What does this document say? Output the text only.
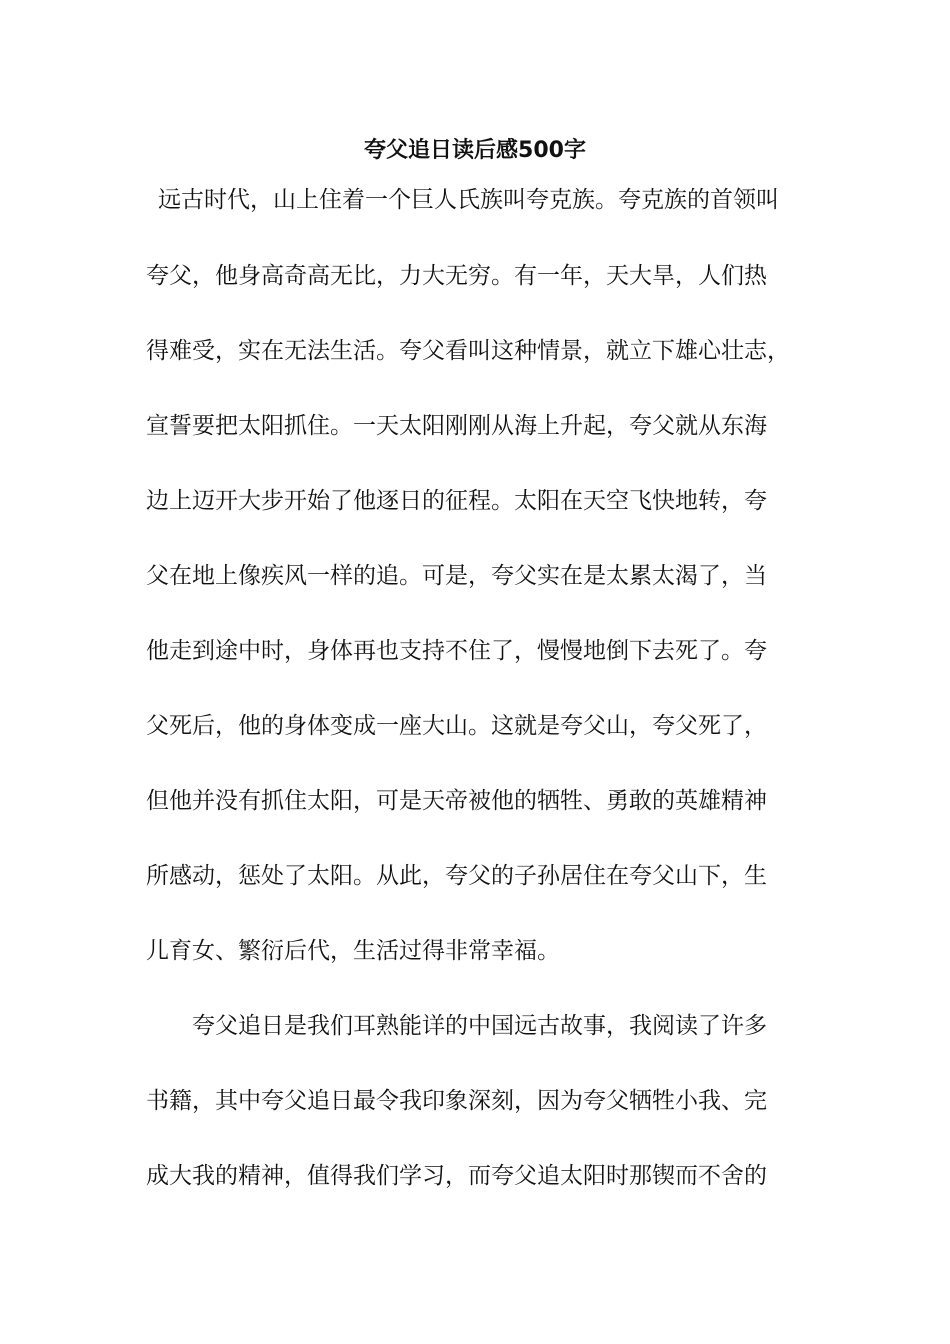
夸父追日读后感500字
远古时代，山上住着一个巨人氏族叫夸克族。夸克族的首领叫
夸父，他身高奇高无比，力大无穷。有一年，天大旱，人们热
得难受，实在无法生活。夸父看叫这种情景，就立下雄心壮志，
宣誓要把太阳抓住。一天太阳刚刚从海上升起，夸父就从东海
边上迈开大步开始了他逐日的征程。太阳在天空飞快地转，夸
父在地上像疾风一样的追。可是，夸父实在是太累太渴了，当
他走到途中时，身体再也支持不住了，慢慢地倒下去死了。夸
父死后，他的身体变成一座大山。这就是夸父山，夸父死了，
但他并没有抓住太阳，可是天帝被他的牺牲、勇敢的英雄精神
所感动，惩处了太阳。从此，夸父的子孙居住在夸父山下，生
儿育女、繁衍后代，生活过得非常幸福。
夸父追日是我们耳熟能详的中国远古故事，我阅读了许多
书籍，其中夸父追日最令我印象深刻，因为夸父牺牲小我、完
成大我的精神，值得我们学习，而夸父追太阳时那锲而不舍的
